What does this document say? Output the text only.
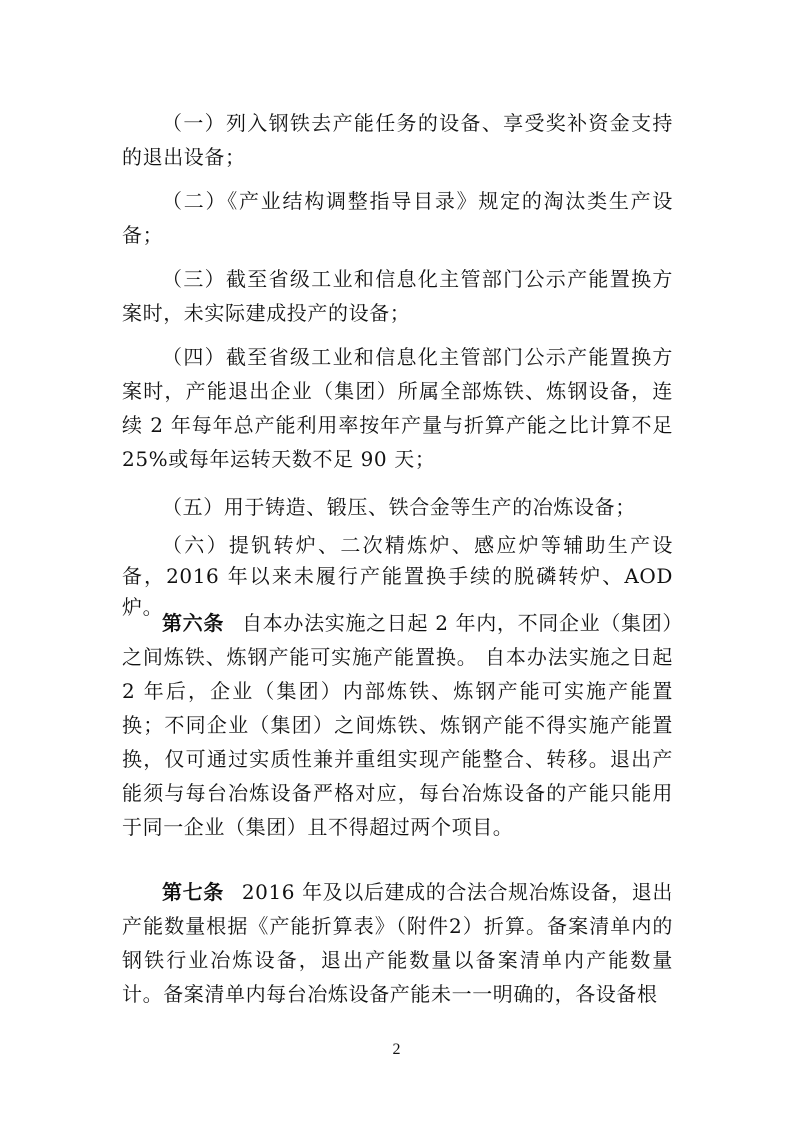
（一）列入钢铁去产能任务的设备、享受奖补资金支持的退出设备；

（二）《产业结构调整指导目录》规定的淘汰类生产设备；

（三）截至省级工业和信息化主管部门公示产能置换方案时，未实际建成投产的设备；

（四）截至省级工业和信息化主管部门公示产能置换方案时，产能退出企业（集团）所属全部炼铁、炼钢设备，连续 2 年每年总产能利用率按年产量与折算产能之比计算不足 25%或每年运转天数不足 90 天；

（五）用于铸造、锻压、铁合金等生产的冶炼设备；

（六）提钒转炉、二次精炼炉、感应炉等辅助生产设备，2016 年以来未履行产能置换手续的脱磷转炉、AOD炉。

第六条 自本办法实施之日起 2 年内，不同企业（集团）之间炼铁、炼钢产能可实施产能置换。 自本办法实施之日起 2 年后，企业（集团）内部炼铁、炼钢产能可实施产能置换；不同企业（集团）之间炼铁、炼钢产能不得实施产能置换，仅可通过实质性兼并重组实现产能整合、转移。退出产能须与每台冶炼设备严格对应，每台冶炼设备的产能只能用于同一企业（集团）且不得超过两个项目。

第七条 2016 年及以后建成的合法合规冶炼设备，退出产能数量根据《产能折算表》（附件2）折算。备案清单内的钢铁行业冶炼设备，退出产能数量以备案清单内产能数量计。备案清单内每台冶炼设备产能未一一明确的，各设备根

2
